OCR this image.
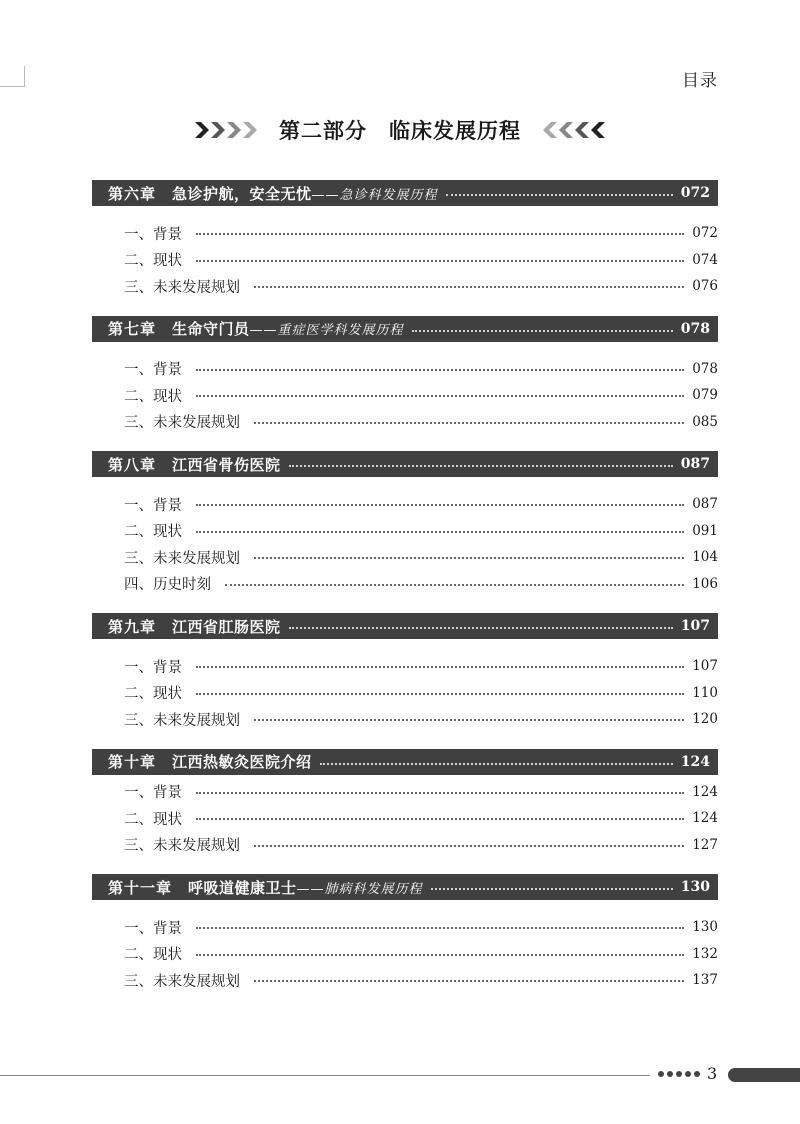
目录
第二部分　临床发展历程
第六章 急诊护航，安全无忧 ——急诊科发展历程	072
一、背景	072
二、现状	074
三、未来发展规划	076
第七章 生命守门员 ——重症医学科发展历程	078
一、背景	078
二、现状	079
三、未来发展规划	085
第八章 江西省骨伤医院	087
一、背景	087
二、现状	091
三、未来发展规划	104
四、历史时刻	106
第九章 江西省肛肠医院	107
一、背景	107
二、现状	110
三、未来发展规划	120
第十章 江西热敏灸医院介绍	124
一、背景	124
二、现状	124
三、未来发展规划	127
第十一章 呼吸道健康卫士 ——肺病科发展历程	130
一、背景	130
二、现状	132
三、未来发展规划	137
3
